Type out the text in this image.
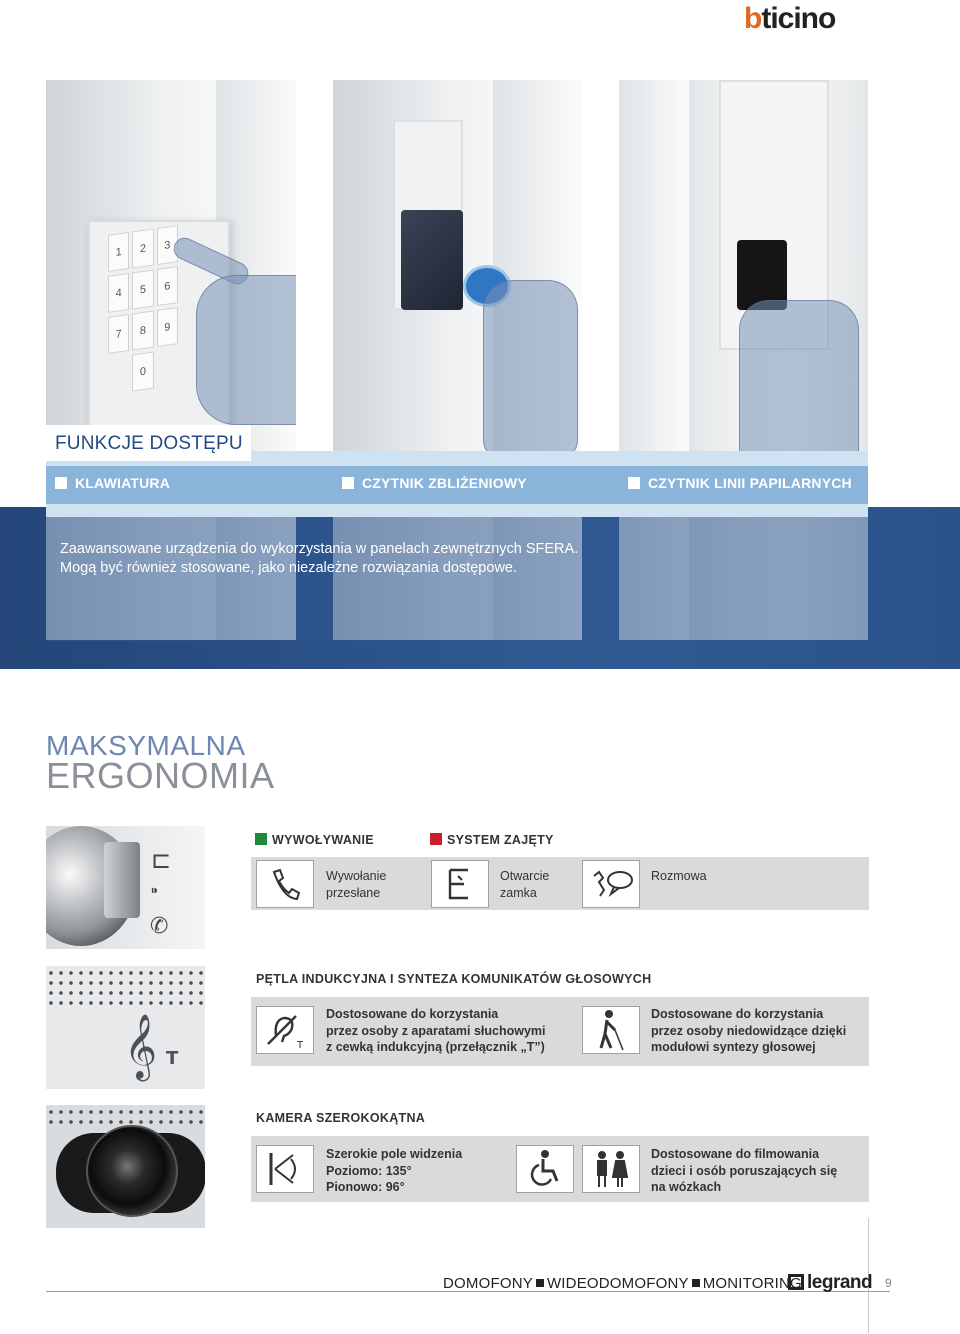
bticino
1	2	3
4	5	6
7	8	9
0
FUNKCJE DOSTĘPU
KLAWIATURA	CZYTNIK ZBLIŻENIOWY	CZYTNIK LINII PAPILARNYCH
Zaawansowane urządzenia do wykorzystania w panelach zewnętrznych SFERA.
Mogą być również stosowane, jako niezależne rozwiązania dostępowe.
MAKSYMALNA
ERGONOMIA
⊏
⁍
✆
WYWOŁYWANIE	SYSTEM ZAJĘTY
Wywołanie
przesłane
Otwarcie
zamka
Rozmowa
𝄞 T
PĘTLA INDUKCYJNA I SYNTEZA KOMUNIKATÓW GŁOSOWYCH
T
Dostosowane do korzystania
przez osoby z aparatami słuchowymi
z cewką indukcyjną (przełącznik „T”)
Dostosowane do korzystania
przez osoby niedowidzące dzięki
modułowi syntezy głosowej
KAMERA SZEROKOKĄTNA
Szerokie pole widzenia
Poziomo: 135°
Pionowo: 96°
Dostosowane do filmowania
dzieci i osób poruszających się
na wózkach
DOMOFONY WIDEODOMOFONY MONITORING legrand 9
